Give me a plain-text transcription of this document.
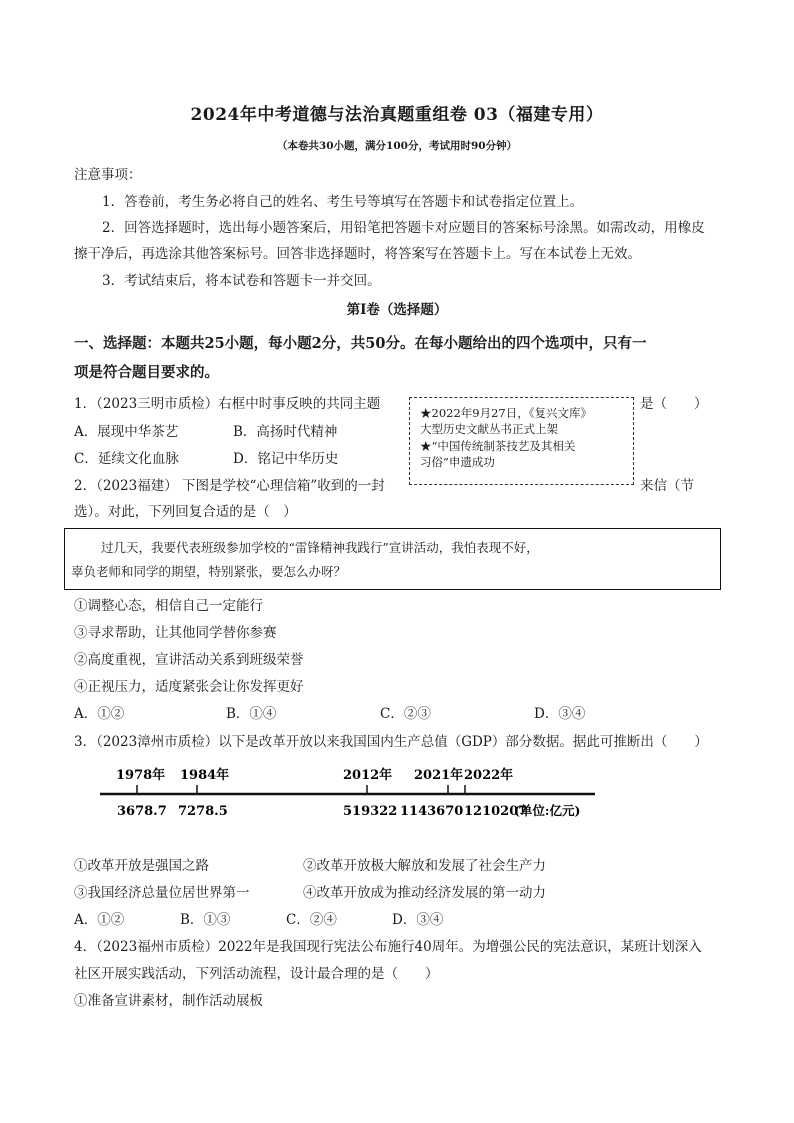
2024年中考道德与法治真题重组卷 03（福建专用）
（本卷共30小题，满分100分，考试用时90分钟）
注意事项：
1．答卷前，考生务必将自己的姓名、考生号等填写在答题卡和试卷指定位置上。
2．回答选择题时，选出每小题答案后，用铅笔把答题卡对应题目的答案标号涂黑。如需改动，用橡皮
擦干净后，再选涂其他答案标号。回答非选择题时，将答案写在答题卡上。写在本试卷上无效。
3．考试结束后，将本试卷和答题卡一并交回。
第Ⅰ卷（选择题）
一、选择题：本题共25小题，每小题2分，共50分。在每小题给出的四个选项中，只有一
项是符合题目要求的。
1．（2023三明市质检）右框中时事反映的共同主题	是（　　）
★2022年9月27日，《复兴文库》
大型历史文献丛书正式上架
★“中国传统制茶技艺及其相关
习俗”申遗成功
A．展现中华茶艺	B．高扬时代精神
C．延续文化血脉	D．铭记中华历史
2．（2023福建） 下图是学校“心理信箱”收到的一封	来信（节
选）。对此，下列回复合适的是（　）
过几天，我要代表班级参加学校的“雷锋精神我践行”宣讲活动，我怕表现不好，
辜负老师和同学的期望，特别紧张，要怎么办呀？
①调整心态，相信自己一定能行
③寻求帮助，让其他同学替你参赛
②高度重视，宣讲活动关系到班级荣誉
④正视压力，适度紧张会让你发挥更好
A．①②	B．①④	C．②③	D．③④
3．（2023漳州市质检）以下是改革开放以来我国国内生产总值（GDP）部分数据。据此可推断出（　　）
1978年 1984年	2012年 2021年 2022年
3678.7 7278.5	519322 1143670 1210207
(单位:亿元)
①改革开放是强国之路	②改革开放极大解放和发展了社会生产力
③我国经济总量位居世界第一	④改革开放成为推动经济发展的第一动力
A．①②	B．①③	C．②④	D．③④
4．（2023福州市质检）2022年是我国现行宪法公布施行40周年。为增强公民的宪法意识，某班计划深入
社区开展实践活动，下列活动流程，设计最合理的是（　　）
①准备宣讲素材，制作活动展板
